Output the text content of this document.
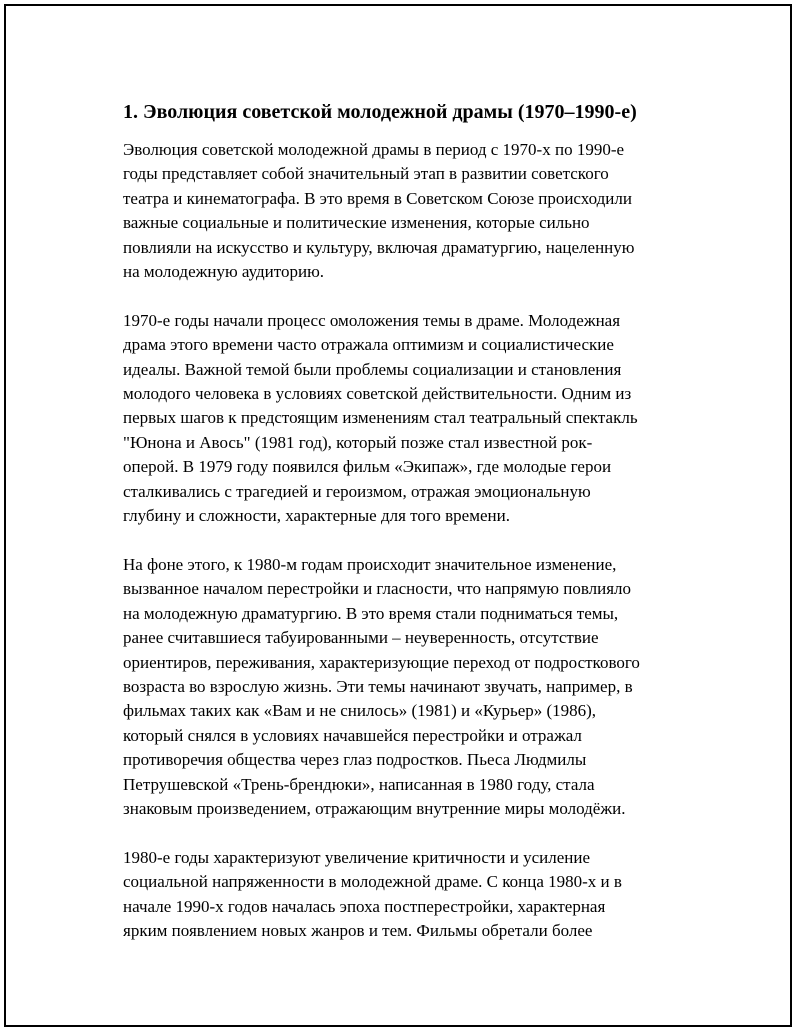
1. Эволюция советской молодежной драмы (1970–1990-е)

Эволюция советской молодежной драмы в период с 1970-х по 1990-е
годы представляет собой значительный этап в развитии советского
театра и кинематографа. В это время в Советском Союзе происходили
важные социальные и политические изменения, которые сильно
повлияли на искусство и культуру, включая драматургию, нацеленную
на молодежную аудиторию.

1970-е годы начали процесс омоложения темы в драме. Молодежная
драма этого времени часто отражала оптимизм и социалистические
идеалы. Важной темой были проблемы социализации и становления
молодого человека в условиях советской действительности. Одним из
первых шагов к предстоящим изменениям стал театральный спектакль
"Юнона и Авось" (1981 год), который позже стал известной рок-
оперой. В 1979 году появился фильм «Экипаж», где молодые герои
сталкивались с трагедией и героизмом, отражая эмоциональную
глубину и сложности, характерные для того времени.

На фоне этого, к 1980-м годам происходит значительное изменение,
вызванное началом перестройки и гласности, что напрямую повлияло
на молодежную драматургию. В это время стали подниматься темы,
ранее считавшиеся табуированными – неуверенность, отсутствие
ориентиров, переживания, характеризующие переход от подросткового
возраста во взрослую жизнь. Эти темы начинают звучать, например, в
фильмах таких как «Вам и не снилось» (1981) и «Курьер» (1986),
который снялся в условиях начавшейся перестройки и отражал
противоречия общества через глаз подростков. Пьеса Людмилы
Петрушевской «Трень-брендюки», написанная в 1980 году, стала
знаковым произведением, отражающим внутренние миры молодёжи.

1980-е годы характеризуют увеличение критичности и усиление
социальной напряженности в молодежной драме. С конца 1980-х и в
начале 1990-х годов началась эпоха постперестройки, характерная
ярким появлением новых жанров и тем. Фильмы обретали более
